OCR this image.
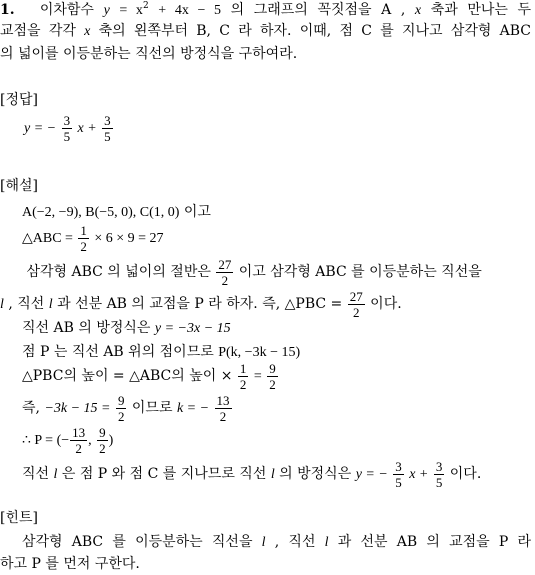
1. 이차함수 $y = x^2 + 4x - 5$ 의 그래프의 꼭짓점을 A , x 축과 만나는 두
교점을 각각 x 축의 왼쪽부터 B, C 라 하자. 이때, 점 C 를 지나고 삼각형 ABC
의 넓이를 이등분하는 직선의 방정식을 구하여라.
[정답]
y = − $\frac{3}{5}$ $x + \frac{3}{5}$
[해설]
A(−2, −9), B(−5, 0), C(1, 0) 이고
△ABC = $\frac{1}{2} \times 6 \times 9 = 27$
삼각형 ABC 의 넓이의 절반은 $\frac{27}{2}$ 이고 삼각형 ABC 를 이등분하는 직선을
l , 직선 l 과 선분 AB 의 교점을 P 라 하자. 즉, △PBC = $\frac{27}{2}$ 이다.
직선 AB 의 방정식은 y = −3x − 15
점 P 는 직선 AB 위의 점이므로 P(k, −3k − 15)
△PBC의 높이 = △ABC의 높이 × $\frac{1}{2} = \frac{9}{2}$
즉, $-3k - 15 = \frac{9}{2}$ 이므로 k = − $\frac{13}{2}$
∴ P = (− $\frac{13}{2}$ , $\frac{9}{2}$ )
직선 l 은 점 P 와 점 C 를 지나므로 직선 l 의 방정식은 y = − $\frac{3}{5}$ $x + \frac{3}{5}$ 이다.
[힌트]
삼각형 ABC 를 이등분하는 직선을 l , 직선 l 과 선분 AB 의 교점을 P 라
하고 P 를 먼저 구한다.
